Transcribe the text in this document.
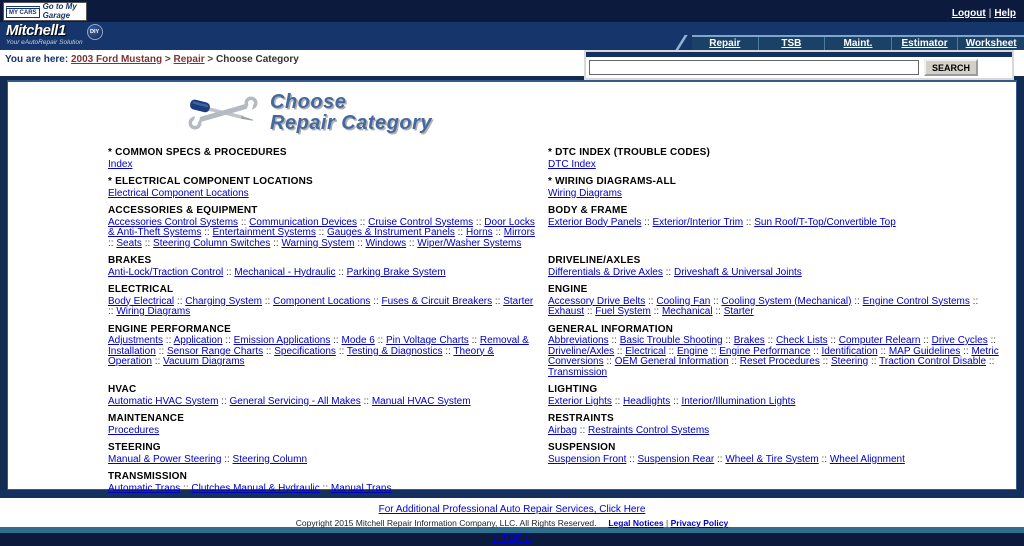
MY CARS
Go to My Garage	Logout | Help
Mitchell1
Your eAutoRepair Solution
DIY
Repair	TSB	Maint.	Estimator Worksheet
You are here: 2003 Ford Mustang > Repair > Choose Category
SEARCH
Choose
Repair Category
* COMMON SPECS & PROCEDURES
Index
* DTC INDEX (TROUBLE CODES)
DTC Index
* ELECTRICAL COMPONENT LOCATIONS
Electrical Component Locations
* WIRING DIAGRAMS-ALL
Wiring Diagrams
ACCESSORIES & EQUIPMENT
Accessories Control Systems :: Communication Devices :: Cruise Control Systems :: Door Locks & Anti-Theft Systems :: Entertainment Systems :: Gauges & Instrument Panels :: Horns :: Mirrors :: Seats :: Steering Column Switches :: Warning System :: Windows :: Wiper/Washer Systems
BODY & FRAME
Exterior Body Panels :: Exterior/Interior Trim :: Sun Roof/T-Top/Convertible Top
BRAKES
Anti-Lock/Traction Control :: Mechanical - Hydraulic :: Parking Brake System
DRIVELINE/AXLES
Differentials & Drive Axles :: Driveshaft & Universal Joints
ELECTRICAL
Body Electrical :: Charging System :: Component Locations :: Fuses & Circuit Breakers :: Starter :: Wiring Diagrams
ENGINE
Accessory Drive Belts :: Cooling Fan :: Cooling System (Mechanical) :: Engine Control Systems :: Exhaust :: Fuel System :: Mechanical :: Starter
ENGINE PERFORMANCE
Adjustments :: Application :: Emission Applications :: Mode 6 :: Pin Voltage Charts :: Removal & Installation :: Sensor Range Charts :: Specifications :: Testing & Diagnostics :: Theory & Operation :: Vacuum Diagrams
GENERAL INFORMATION
Abbreviations :: Basic Trouble Shooting :: Brakes :: Check Lists :: Computer Relearn :: Drive Cycles :: Driveline/Axles :: Electrical :: Engine :: Engine Performance :: Identification :: MAP Guidelines :: Metric Conversions :: OEM General Information :: Reset Procedures :: Steering :: Traction Control Disable :: Transmission
HVAC
Automatic HVAC System :: General Servicing - All Makes :: Manual HVAC System
LIGHTING
Exterior Lights :: Headlights :: Interior/Illumination Lights
MAINTENANCE
Procedures
RESTRAINTS
Airbag :: Restraints Control Systems
STEERING
Manual & Power Steering :: Steering Column
SUSPENSION
Suspension Front :: Suspension Rear :: Wheel & Tire System :: Wheel Alignment
TRANSMISSION
Automatic Trans :: Clutches Manual & Hydraulic :: Manual Trans
For Additional Professional Auto Repair Services, Click Here
Copyright 2015 Mitchell Repair Information Company, LLC. All Rights Reserved. Legal Notices | Privacy Policy
:: TOP ::
